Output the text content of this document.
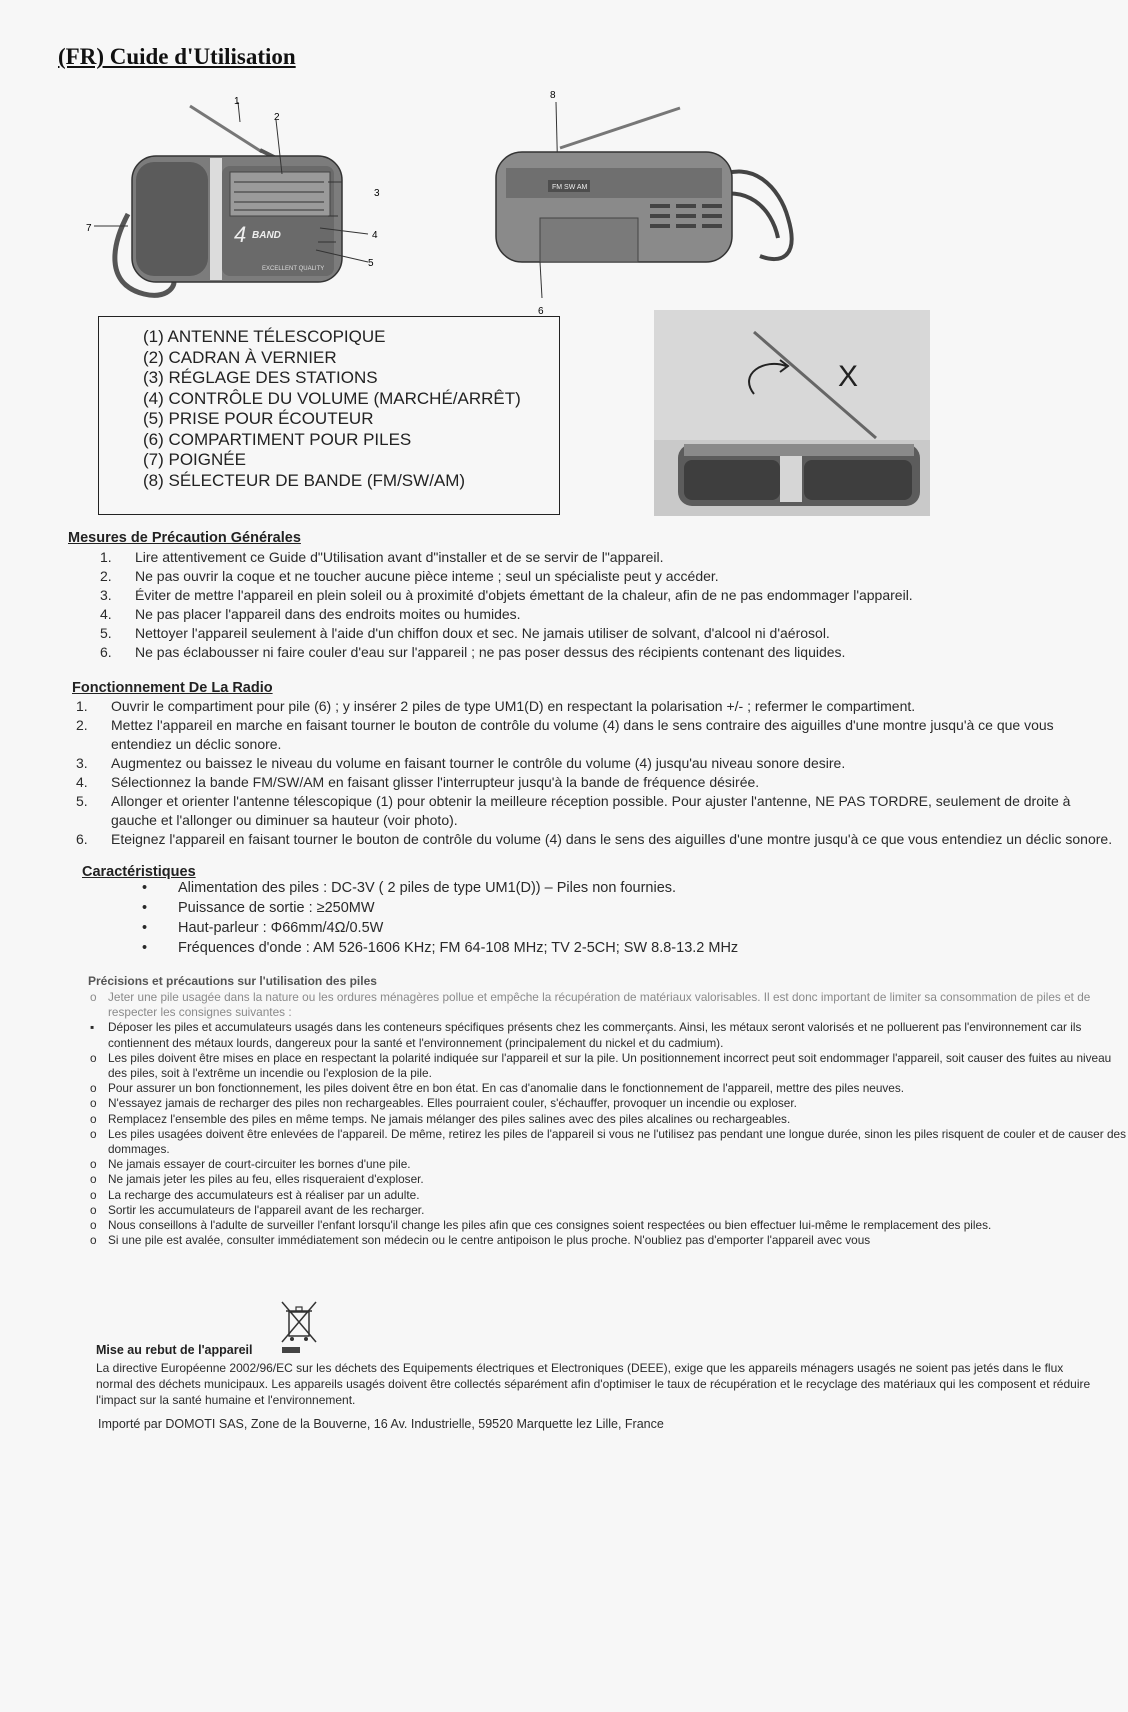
(FR) Cuide d'Utilisation
4 BAND
EXCELLENT QUALITY
1
2
3
4
5
7
8
FM SW AM
6
(1) ANTENNE TÉLESCOPIQUE
(2) CADRAN À VERNIER
(3) RÉGLAGE DES STATIONS
(4) CONTRÔLE DU VOLUME (MARCHÉ/ARRÊT)
(5) PRISE POUR ÉCOUTEUR
(6) COMPARTIMENT POUR PILES
(7) POIGNÉE
(8) SÉLECTEUR DE BANDE (FM/SW/AM)
X
Mesures de Précaution Générales
1. Lire attentivement ce Guide d"Utilisation avant d"installer et de se servir de l"appareil.
2. Ne pas ouvrir la coque et ne toucher aucune pièce inteme ; seul un spécialiste peut y accéder.
3. Éviter de mettre l'appareil en plein soleil ou à proximité d'objets émettant de la chaleur, afin de ne pas endommager l'appareil.
4. Ne pas placer l'appareil dans des endroits moites ou humides.
5. Nettoyer l'appareil seulement à l'aide d'un chiffon doux et sec. Ne jamais utiliser de solvant, d'alcool ni d'aérosol.
6. Ne pas éclabousser ni faire couler d'eau sur l'appareil ; ne pas poser dessus des récipients contenant des liquides.
Fonctionnement De La Radio
1. Ouvrir le compartiment pour pile (6) ; y insérer 2 piles de type UM1(D) en respectant la polarisation +/- ; refermer le compartiment.
2. Mettez l'appareil en marche en faisant tourner le bouton de contrôle du volume (4) dans le sens contraire des aiguilles d'une montre jusqu'à ce que vous entendiez un déclic sonore.
3. Augmentez ou baissez le niveau du volume en faisant tourner le contrôle du volume (4) jusqu'au niveau sonore desire.
4. Sélectionnez la bande FM/SW/AM en faisant glisser l'interrupteur jusqu'à la bande de fréquence désirée.
5. Allonger et orienter l'antenne télescopique (1) pour obtenir la meilleure réception possible. Pour ajuster l'antenne, NE PAS TORDRE, seulement de droite à gauche et l'allonger ou diminuer sa hauteur (voir photo).
6. Eteignez l'appareil en faisant tourner le bouton de contrôle du volume (4) dans le sens des aiguilles d'une montre jusqu'à ce que vous entendiez un déclic sonore.
Caractéristiques
• Alimentation des piles : DC-3V ( 2 piles de type UM1(D)) – Piles non fournies.
• Puissance de sortie : ≥250MW
• Haut-parleur : Φ66mm/4Ω/0.5W
• Fréquences d'onde : AM 526-1606 KHz; FM 64-108 MHz; TV 2-5CH; SW 8.8-13.2 MHz
Précisions et précautions sur l'utilisation des piles
o Jeter une pile usagée dans la nature ou les ordures ménagères pollue et empêche la récupération de matériaux valorisables. Il est donc important de limiter sa consommation de piles et de respecter les consignes suivantes :
▪ Déposer les piles et accumulateurs usagés dans les conteneurs spécifiques présents chez les commerçants. Ainsi, les métaux seront valorisés et ne polluerent pas l'environnement car ils contiennent des métaux lourds, dangereux pour la santé et l'environnement (principalement du nickel et du cadmium).
o Les piles doivent être mises en place en respectant la polarité indiquée sur l'appareil et sur la pile. Un positionnement incorrect peut soit endommager l'appareil, soit causer des fuites au niveau des piles, soit à l'extrême un incendie ou l'explosion de la pile.
o Pour assurer un bon fonctionnement, les piles doivent être en bon état. En cas d'anomalie dans le fonctionnement de l'appareil, mettre des piles neuves.
o N'essayez jamais de recharger des piles non rechargeables. Elles pourraient couler, s'échauffer, provoquer un incendie ou exploser.
o Remplacez l'ensemble des piles en même temps. Ne jamais mélanger des piles salines avec des piles alcalines ou rechargeables.
o Les piles usagées doivent être enlevées de l'appareil. De même, retirez les piles de l'appareil si vous ne l'utilisez pas pendant une longue durée, sinon les piles risquent de couler et de causer des dommages.
o Ne jamais essayer de court-circuiter les bornes d'une pile.
o Ne jamais jeter les piles au feu, elles risqueraient d'exploser.
o La recharge des accumulateurs est à réaliser par un adulte.
o Sortir les accumulateurs de l'appareil avant de les recharger.
o Nous conseillons à l'adulte de surveiller l'enfant lorsqu'il change les piles afin que ces consignes soient respectées ou bien effectuer lui-même le remplacement des piles.
o Si une pile est avalée, consulter immédiatement son médecin ou le centre antipoison le plus proche. N'oubliez pas d'emporter l'appareil avec vous
Mise au rebut de l'appareil

La directive Européenne 2002/96/EC sur les déchets des Equipements électriques et Electroniques (DEEE), exige que les appareils ménagers usagés ne soient pas jetés dans le flux normal des déchets municipaux. Les appareils usagés doivent être collectés séparément afin d'optimiser le taux de récupération et le recyclage des matériaux qui les composent et réduire l'impact sur la santé humaine et l'environnement.

Importé par DOMOTI SAS, Zone de la Bouverne, 16 Av. Industrielle, 59520 Marquette lez Lille, France
